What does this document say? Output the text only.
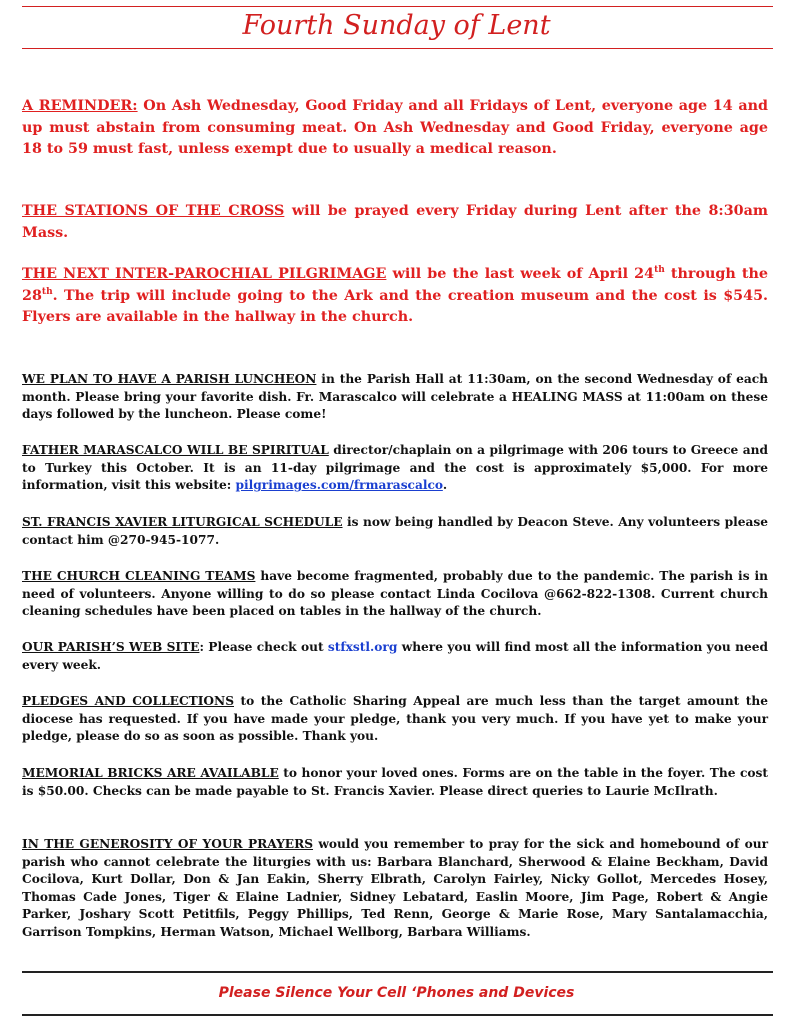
Fourth Sunday of Lent

A REMINDER: On Ash Wednesday, Good Friday and all Fridays of Lent, everyone age 14 and up must abstain from consuming meat. On Ash Wednesday and Good Friday, everyone age 18 to 59 must fast, unless exempt due to usually a medical reason.

THE STATIONS OF THE CROSS will be prayed every Friday during Lent after the 8:30am Mass.

THE NEXT INTER-PAROCHIAL PILGRIMAGE will be the last week of April 24th through the 28th. The trip will include going to the Ark and the creation museum and the cost is $545. Flyers are available in the hallway in the church.

WE PLAN TO HAVE A PARISH LUNCHEON in the Parish Hall at 11:30am, on the second Wednesday of each month. Please bring your favorite dish. Fr. Marascalco will celebrate a HEALING MASS at 11:00am on these days followed by the luncheon. Please come!

FATHER MARASCALCO WILL BE SPIRITUAL director/chaplain on a pilgrimage with 206 tours to Greece and to Turkey this October. It is an 11-day pilgrimage and the cost is approximately $5,000. For more information, visit this website: pilgrimages.com/frmarascalco.

ST. FRANCIS XAVIER LITURGICAL SCHEDULE is now being handled by Deacon Steve. Any volunteers please contact him @270-945-1077.

THE CHURCH CLEANING TEAMS have become fragmented, probably due to the pandemic. The parish is in need of volunteers. Anyone willing to do so please contact Linda Cocilova @662-822-1308. Current church cleaning schedules have been placed on tables in the hallway of the church.

OUR PARISH’S WEB SITE: Please check out stfxstl.org where you will find most all the information you need every week.

PLEDGES AND COLLECTIONS to the Catholic Sharing Appeal are much less than the target amount the diocese has requested. If you have made your pledge, thank you very much. If you have yet to make your pledge, please do so as soon as possible. Thank you.

MEMORIAL BRICKS ARE AVAILABLE to honor your loved ones. Forms are on the table in the foyer. The cost is $50.00. Checks can be made payable to St. Francis Xavier. Please direct queries to Laurie McIlrath.

IN THE GENEROSITY OF YOUR PRAYERS would you remember to pray for the sick and homebound of our parish who cannot celebrate the liturgies with us: Barbara Blanchard, Sherwood & Elaine Beckham, David Cocilova, Kurt Dollar, Don & Jan Eakin, Sherry Elbrath, Carolyn Fairley, Nicky Gollot, Mercedes Hosey, Thomas Cade Jones, Tiger & Elaine Ladnier, Sidney Lebatard, Easlin Moore, Jim Page, Robert & Angie Parker, Joshary Scott Petitfils, Peggy Phillips, Ted Renn, George & Marie Rose, Mary Santalamacchia, Garrison Tompkins, Herman Watson, Michael Wellborg, Barbara Williams.

Please Silence Your Cell ‘Phones and Devices
